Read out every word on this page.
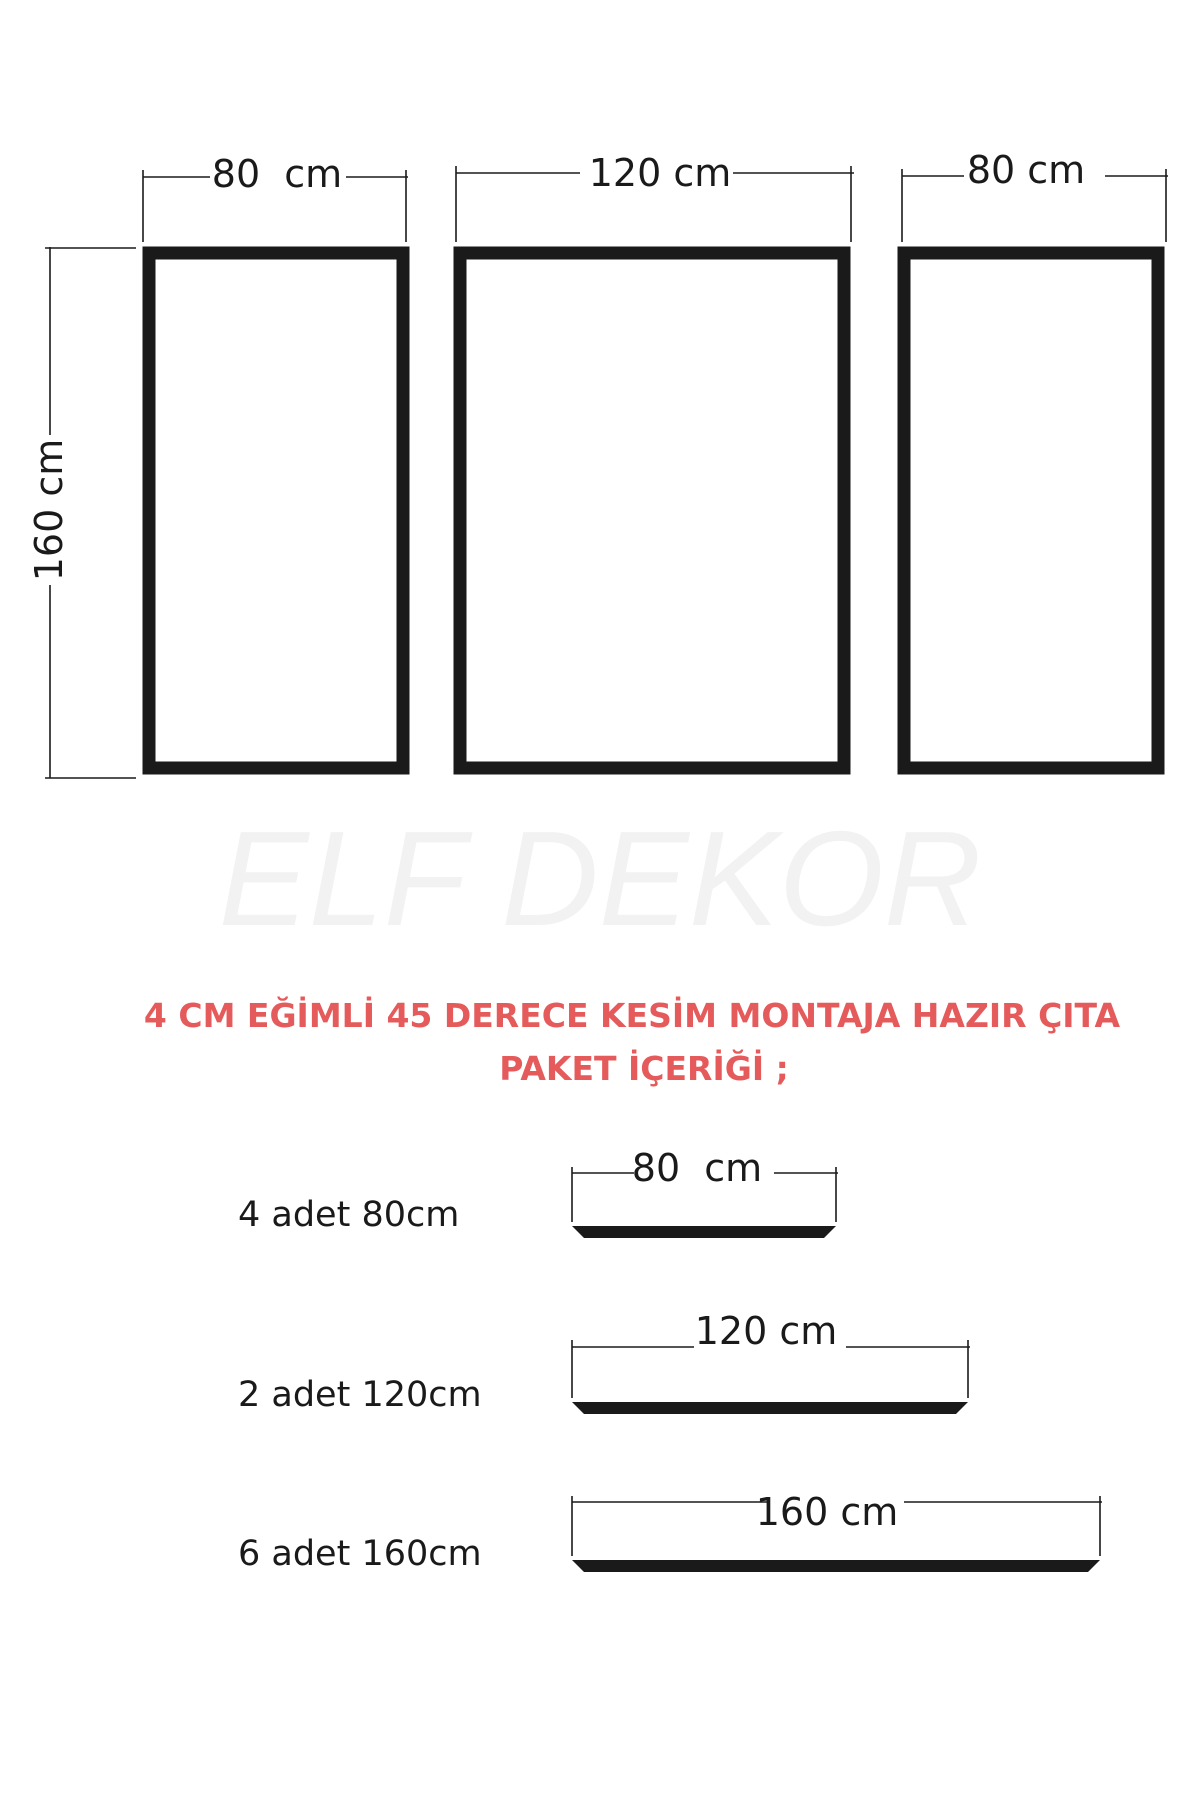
ELF DEKOR
80  cm	120 cm	80 cm
160 cm
4 CM EĞİMLİ 45 DERECE KESİM MONTAJA HAZIR ÇITA
PAKET İÇERİĞİ ;
4 adet 80cm
80  cm
2 adet 120cm
120 cm
6 adet 160cm
160 cm
